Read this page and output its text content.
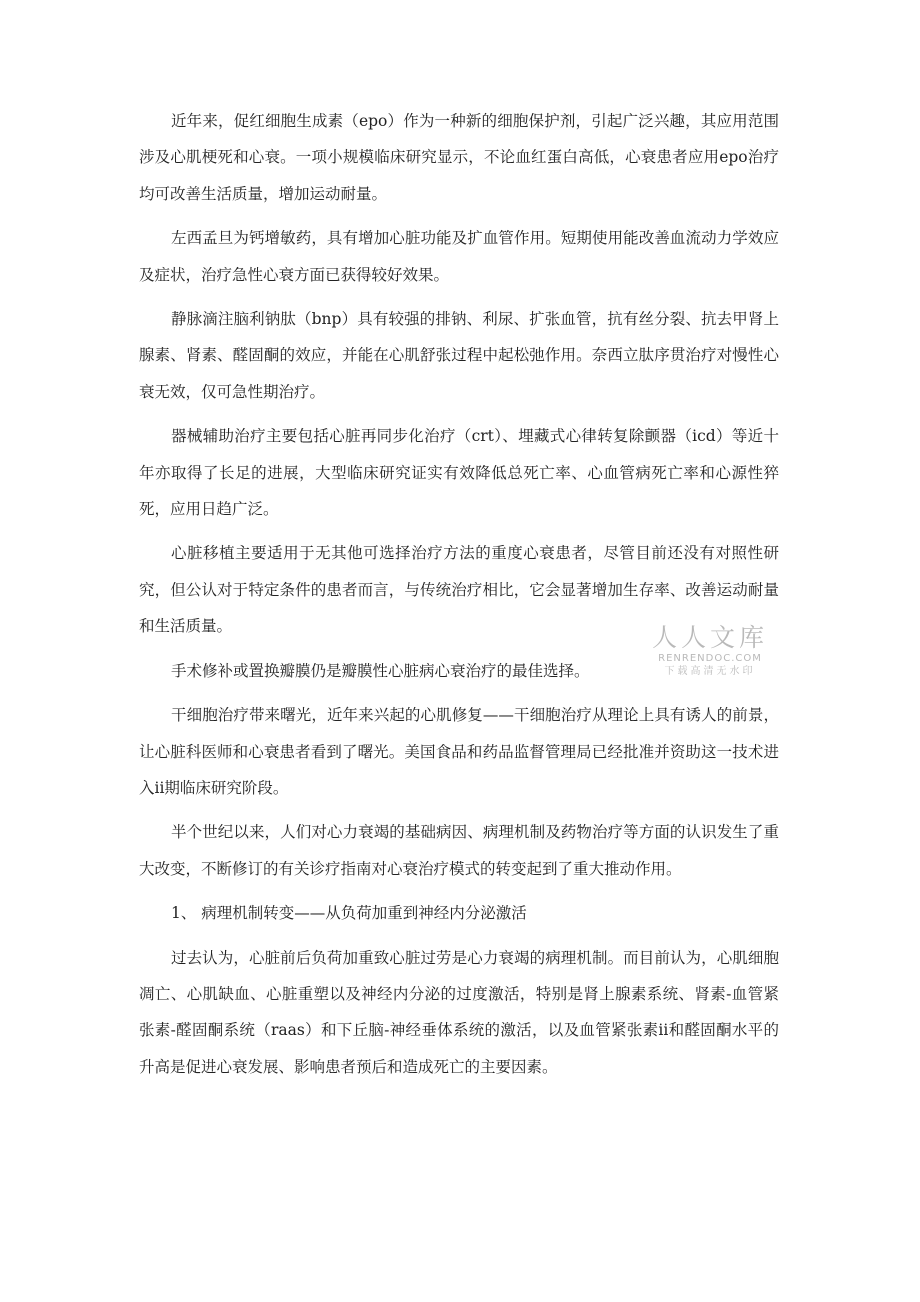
近年来，促红细胞生成素（epo）作为一种新的细胞保护剂，引起广泛兴趣，其应用范围涉及心肌梗死和心衰。一项小规模临床研究显示，不论血红蛋白高低，心衰患者应用epo治疗均可改善生活质量，增加运动耐量。

左西孟旦为钙增敏药，具有增加心脏功能及扩血管作用。短期使用能改善血流动力学效应及症状，治疗急性心衰方面已获得较好效果。

静脉滴注脑利钠肽（bnp）具有较强的排钠、利尿、扩张血管，抗有丝分裂、抗去甲肾上腺素、肾素、醛固酮的效应，并能在心肌舒张过程中起松弛作用。奈西立肽序贯治疗对慢性心衰无效，仅可急性期治疗。

器械辅助治疗主要包括心脏再同步化治疗（crt）、埋藏式心律转复除颤器（icd）等近十年亦取得了长足的进展，大型临床研究证实有效降低总死亡率、心血管病死亡率和心源性猝死，应用日趋广泛。

心脏移植主要适用于无其他可选择治疗方法的重度心衰患者，尽管目前还没有对照性研究，但公认对于特定条件的患者而言，与传统治疗相比，它会显著增加生存率、改善运动耐量和生活质量。

手术修补或置换瓣膜仍是瓣膜性心脏病心衰治疗的最佳选择。

干细胞治疗带来曙光，近年来兴起的心肌修复——干细胞治疗从理论上具有诱人的前景，让心脏科医师和心衰患者看到了曙光。美国食品和药品监督管理局已经批准并资助这一技术进入ii期临床研究阶段。

半个世纪以来，人们对心力衰竭的基础病因、病理机制及药物治疗等方面的认识发生了重大改变，不断修订的有关诊疗指南对心衰治疗模式的转变起到了重大推动作用。

1、 病理机制转变——从负荷加重到神经内分泌激活

过去认为，心脏前后负荷加重致心脏过劳是心力衰竭的病理机制。而目前认为，心肌细胞凋亡、心肌缺血、心脏重塑以及神经内分泌的过度激活，特别是肾上腺素系统、肾素-血管紧张素-醛固酮系统（raas）和下丘脑-神经垂体系统的激活，以及血管紧张素ii和醛固酮水平的升高是促进心衰发展、影响患者预后和造成死亡的主要因素。

人人文库
RENRENDOC.COM
下载高清无水印
